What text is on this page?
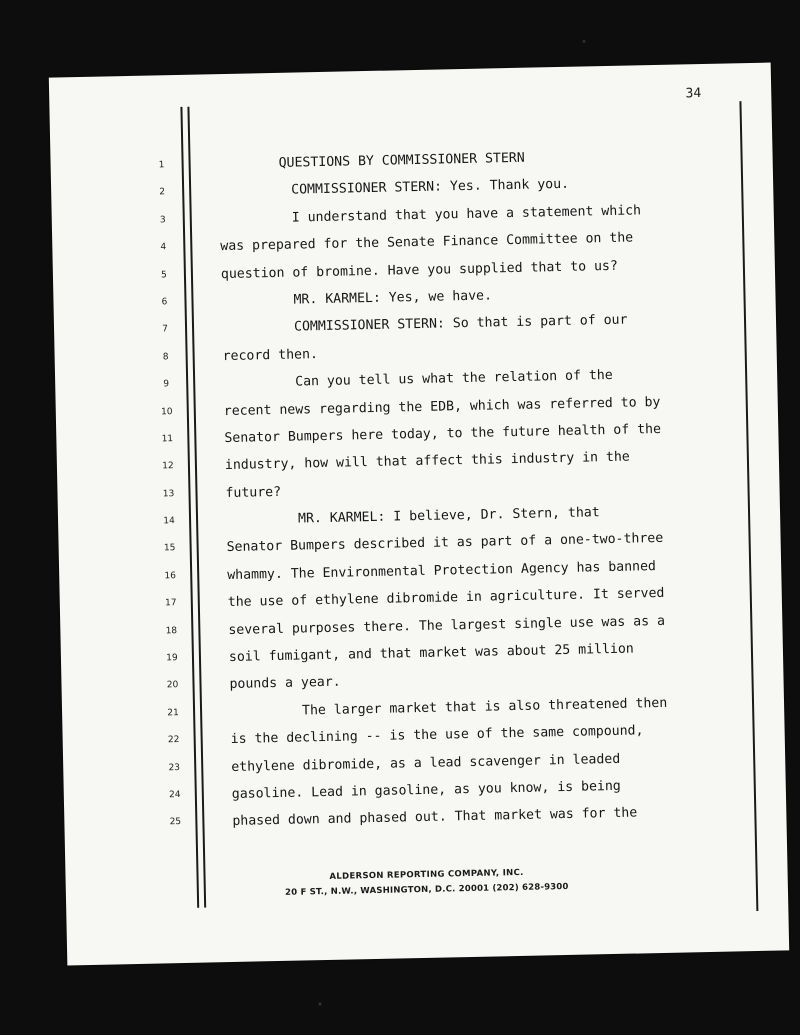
34
1	QUESTIONS BY COMMISSIONER STERN
2	COMMISSIONER STERN: Yes. Thank you.
3	I understand that you have a statement which
4	was prepared for the Senate Finance Committee on the
5	question of bromine. Have you supplied that to us?
6	MR. KARMEL: Yes, we have.
7	COMMISSIONER STERN: So that is part of our
8	record then.
9	Can you tell us what the relation of the
10	recent news regarding the EDB, which was referred to by
11	Senator Bumpers here today, to the future health of the
12	industry, how will that affect this industry in the
13	future?
14	MR. KARMEL: I believe, Dr. Stern, that
15	Senator Bumpers described it as part of a one-two-three
16	whammy. The Environmental Protection Agency has banned
17	the use of ethylene dibromide in agriculture. It served
18	several purposes there. The largest single use was as a
19	soil fumigant, and that market was about 25 million
20	pounds a year.
21	The larger market that is also threatened then
22	is the declining -- is the use of the same compound,
23	ethylene dibromide, as a lead scavenger in leaded
24	gasoline. Lead in gasoline, as you know, is being
25	phased down and phased out. That market was for the
ALDERSON REPORTING COMPANY, INC.
20 F ST., N.W., WASHINGTON, D.C. 20001 (202) 628-9300
